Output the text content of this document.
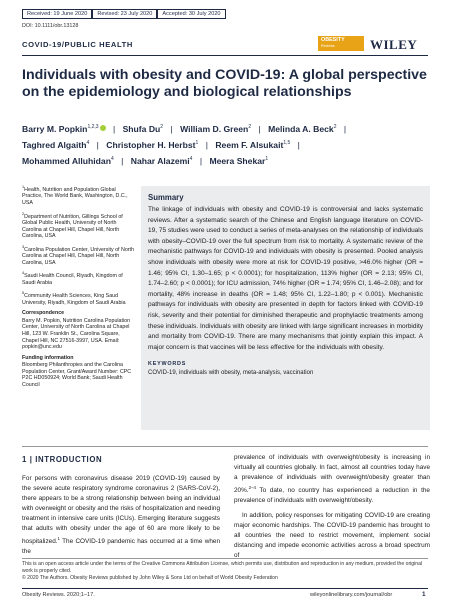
Received: 19 June 2020	Revised: 23 July 2020	Accepted: 30 July 2020
DOI: 10.1111/obr.13128
COVID-19/PUBLIC HEALTH	OBESITY
Reviews	WILEY
Individuals with obesity and COVID-19: A global perspective on the epidemiology and biological relationships
Barry M. Popkin$^{1,2,3}$ | Shufa Du$^2$ | William D. Green$^2$ | Melinda A. Beck$^2$ |
Taghred Algaith$^4$ | Christopher H. Herbst$^1$ | Reem F. Alsukait$^{1,5}$ |
Mohammed Alluhidan$^4$ | Nahar Alazemi$^4$ | Meera Shekar$^1$

$^1$Health, Nutrition and Population Global Practice, The World Bank, Washington, D.C., USA

$^2$Department of Nutrition, Gillings School of Global Public Health, University of North Carolina at Chapel Hill, Chapel Hill, North Carolina, USA

$^3$Carolina Population Center, University of North Carolina at Chapel Hill, Chapel Hill, North Carolina, USA

$^4$Saudi Health Council, Riyadh, Kingdom of Saudi Arabia

$^5$Community Health Sciences, King Saud University, Riyadh, Kingdom of Saudi Arabia

Correspondence

Barry M. Popkin, Nutrition Carolina Population Center, University of North Carolina at Chapel Hill, 123 W. Franklin St., Carolina Square, Chapel Hill, NC 27516-3997, USA. Email: popkin@unc.edu

Funding information

Bloomberg Philanthropies and the Carolina Population Center, Grant/Award Number: CPC P2C HD050924; World Bank; Saudi Health Council

Summary
The linkage of individuals with obesity and COVID-19 is controversial and lacks systematic reviews. After a systematic search of the Chinese and English language literature on COVID-19, 75 studies were used to conduct a series of meta-analyses on the relationship of individuals with obesity–COVID-19 over the full spectrum from risk to mortality. A systematic review of the mechanistic pathways for COVID-19 and individuals with obesity is presented. Pooled analysis show individuals with obesity were more at risk for COVID-19 positive, >46.0% higher (OR = 1.46; 95% CI, 1.30–1.65; p < 0.0001); for hospitalization, 113% higher (OR = 2.13; 95% CI, 1.74–2.60; p < 0.0001); for ICU admission, 74% higher (OR = 1.74; 95% CI, 1.46–2.08); and for mortality, 48% increase in deaths (OR = 1.48; 95% CI, 1.22–1.80; p < 0.001). Mechanistic pathways for individuals with obesity are presented in depth for factors linked with COVID-19 risk, severity and their potential for diminished therapeutic and prophylactic treatments among these individuals. Individuals with obesity are linked with large significant increases in morbidity and mortality from COVID-19. There are many mechanisms that jointly explain this impact. A major concern is that vaccines will be less effective for the individuals with obesity.
KEYWORDS
COVID-19, individuals with obesity, meta-analysis, vaccination
1 | INTRODUCTION
For persons with coronavirus disease 2019 (COVID-19) caused by the severe acute respiratory syndrome coronavirus 2 (SARS-CoV-2), there appears to be a strong relationship between being an individual with overweight or obesity and the risks of hospitalization and needing treatment in intensive care units (ICUs). Emerging literature suggests that adults with obesity under the age of 60 are more likely to be hospitalized.$^1$ The COVID-19 pandemic has occurred at a time when the

prevalence of individuals with overweight/obesity is increasing in virtually all countries globally. In fact, almost all countries today have a prevalence of individuals with overweight/obesity greater than 20%.$^{2-4}$ To date, no country has experienced a reduction in the prevalence of individuals with overweight/obesity.

In addition, policy responses for mitigating COVID-19 are creating major economic hardships. The COVID-19 pandemic has brought to all countries the need to restrict movement, implement social distancing and impede economic activities across a broad spectrum of

This is an open access article under the terms of the Creative Commons Attribution License, which permits use, distribution and reproduction in any medium, provided the original work is properly cited.
© 2020 The Authors. Obesity Reviews published by John Wiley & Sons Ltd on behalf of World Obesity Federation
Obesity Reviews. 2020;1–17.	wileyonlinelibrary.com/journal/obr	1
